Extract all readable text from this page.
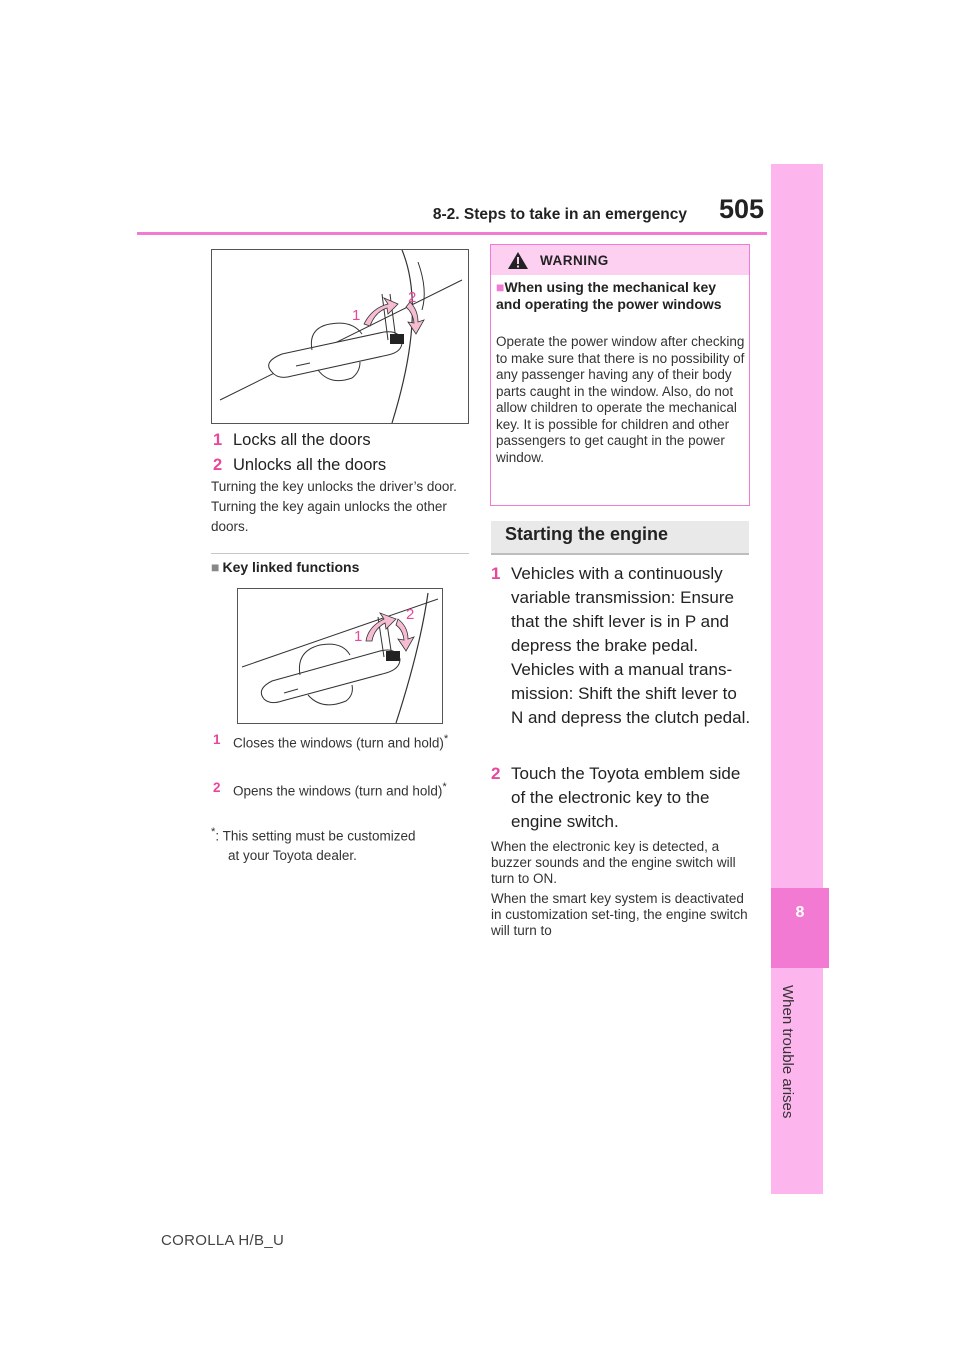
8-2. Steps to take in an emergency	505
8
When trouble arises
1
2
1 Locks all the doors
2 Unlocks all the doors
Turning the key unlocks the driver’s door. Turning the key again unlocks the other doors.
■ Key linked functions
1
2
1 Closes the windows (turn and hold)*
2 Opens the windows (turn and hold)*
*: This setting must be customized
at your Toyota dealer.
WARNING
■When using the mechanical key and operating the power windows
Operate the power window after checking to make sure that there is no possibility of any passenger having any of their body parts caught in the window. Also, do not allow children to operate the mechanical key. It is possible for children and other passengers to get caught in the power window.
Starting the engine
1 Vehicles with a continuously variable transmission: Ensure that the shift lever is in P and depress the brake pedal.
Vehicles with a manual trans-mission: Shift the shift lever to N and depress the clutch pedal.
2 Touch the Toyota emblem side of the electronic key to the engine switch.
When the electronic key is detected, a buzzer sounds and the engine switch will turn to ON.
When the smart key system is deactivated in customization set-ting, the engine switch will turn to
COROLLA H/B_U
